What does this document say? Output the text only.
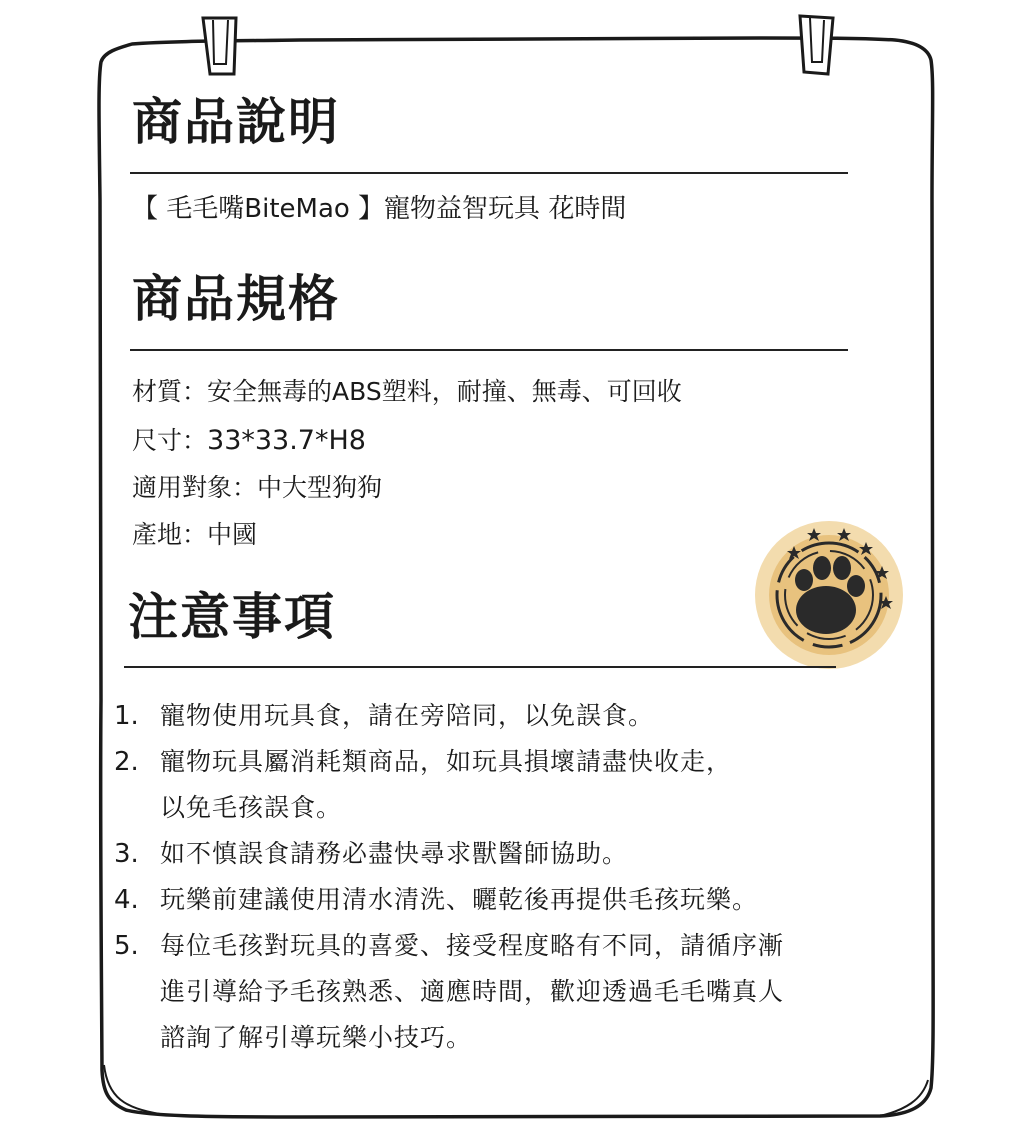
商品說明
【 毛毛嘴BiteMao 】寵物益智玩具 花時間
商品規格
材質：安全無毒的ABS塑料，耐撞、無毒、可回收
尺寸：33*33.7*H8
適用對象：中大型狗狗
產地：中國
注意事項
1. 寵物使用玩具食，請在旁陪同，以免誤食。
2. 寵物玩具屬消耗類商品，如玩具損壞請盡快收走，
以免毛孩誤食。
3. 如不慎誤食請務必盡快尋求獸醫師協助。
4. 玩樂前建議使用清水清洗、曬乾後再提供毛孩玩樂。
5. 每位毛孩對玩具的喜愛、接受程度略有不同，請循序漸
進引導給予毛孩熟悉、適應時間，歡迎透過毛毛嘴真人
諮詢了解引導玩樂小技巧。
